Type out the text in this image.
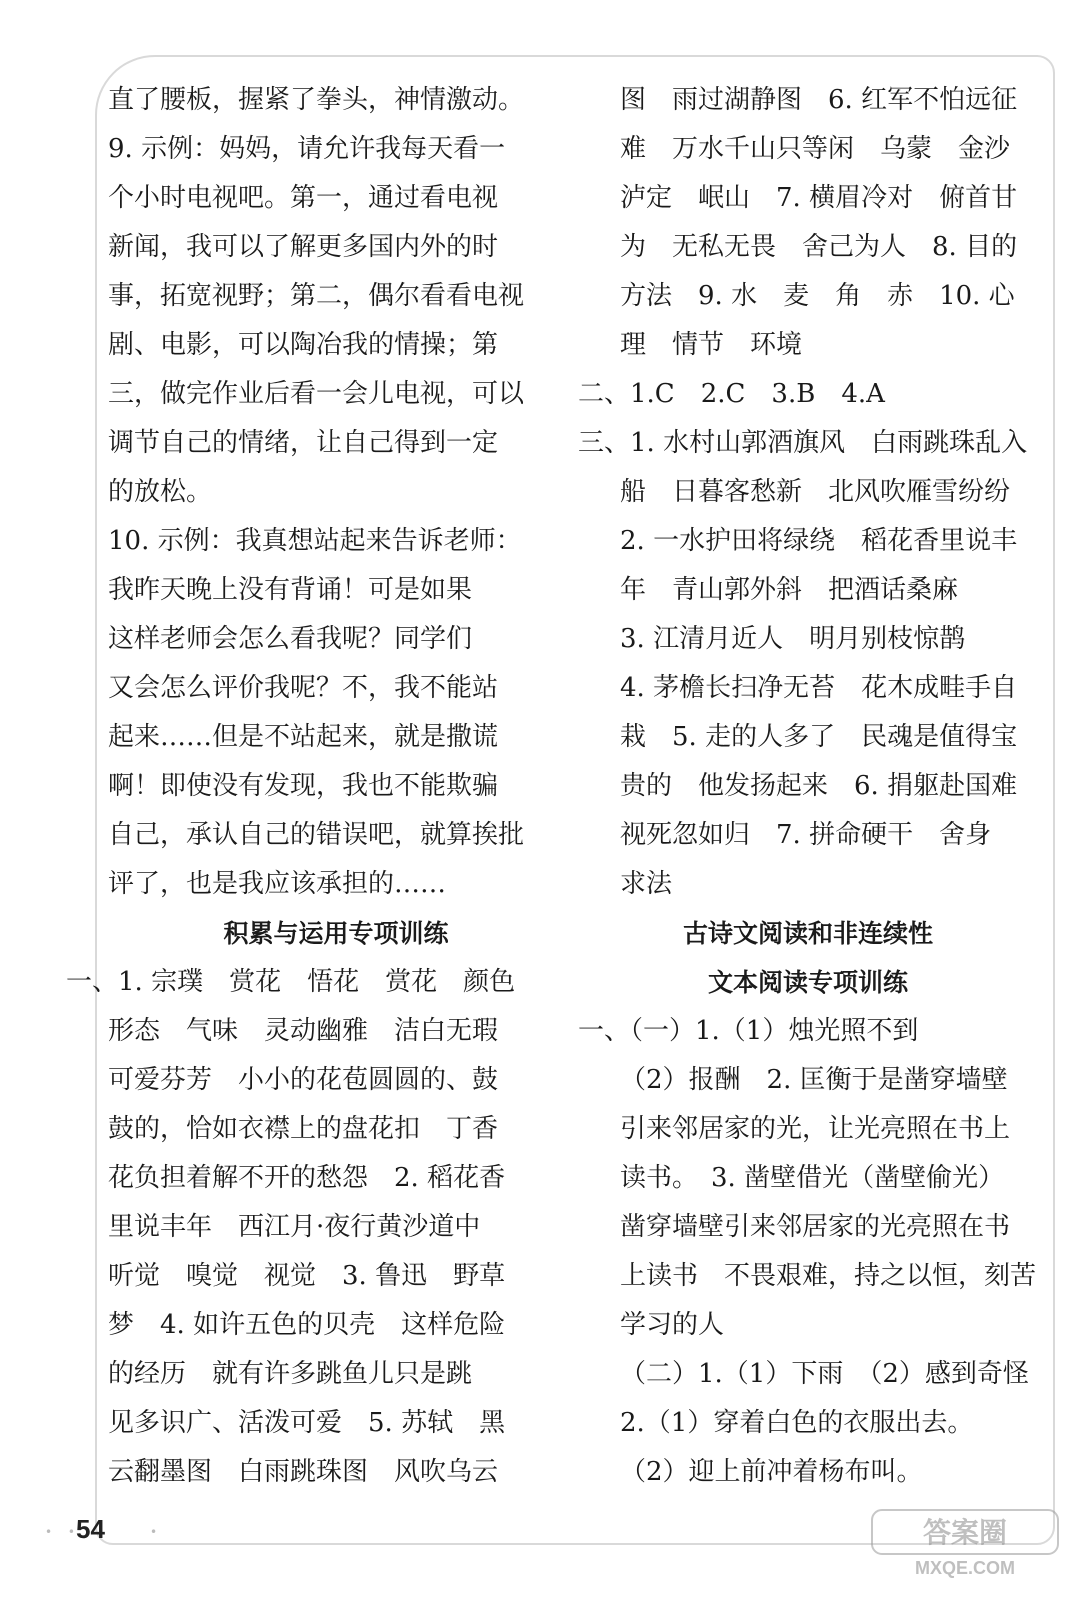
直了腰板，握紧了拳头，神情激动。
9. 示例：妈妈，请允许我每天看一
个小时电视吧。第一，通过看电视
新闻，我可以了解更多国内外的时
事，拓宽视野；第二，偶尔看看电视
剧、电影，可以陶冶我的情操；第
三，做完作业后看一会儿电视，可以
调节自己的情绪，让自己得到一定
的放松。
10. 示例：我真想站起来告诉老师：
我昨天晚上没有背诵！可是如果
这样老师会怎么看我呢？同学们
又会怎么评价我呢？不，我不能站
起来……但是不站起来，就是撒谎
啊！即使没有发现，我也不能欺骗
自己，承认自己的错误吧，就算挨批
评了，也是我应该承担的……
积累与运用专项训练
一、1. 宗璞　赏花　悟花　赏花　颜色
形态　气味　灵动幽雅　洁白无瑕
可爱芬芳　小小的花苞圆圆的、鼓
鼓的，恰如衣襟上的盘花扣　丁香
花负担着解不开的愁怨　2. 稻花香
里说丰年　西江月·夜行黄沙道中
听觉　嗅觉　视觉　3. 鲁迅　野草
梦　4. 如许五色的贝壳　这样危险
的经历　就有许多跳鱼儿只是跳
见多识广、活泼可爱　5. 苏轼　黑
云翻墨图　白雨跳珠图　风吹乌云
图　雨过湖静图　6. 红军不怕远征
难　万水千山只等闲　乌蒙　金沙
泸定　岷山　7. 横眉冷对　俯首甘
为　无私无畏　舍己为人　8. 目的
方法　9. 水　麦　角　赤　10. 心
理　情节　环境
二、1.C　2.C　3.B　4.A
三、1. 水村山郭酒旗风　白雨跳珠乱入
船　日暮客愁新　北风吹雁雪纷纷
2. 一水护田将绿绕　稻花香里说丰
年　青山郭外斜　把酒话桑麻
3. 江清月近人　明月别枝惊鹊
4. 茅檐长扫净无苔　花木成畦手自
栽　5. 走的人多了　民魂是值得宝
贵的　他发扬起来　6. 捐躯赴国难
视死忽如归　7. 拼命硬干　舍身
求法
古诗文阅读和非连续性
文本阅读专项训练
一、（一）1.（1）烛光照不到
（2）报酬　2. 匡衡于是凿穿墙壁
引来邻居家的光，让光亮照在书上
读书。　3. 凿壁借光（凿壁偷光）
凿穿墙壁引来邻居家的光亮照在书
上读书　不畏艰难，持之以恒，刻苦
学习的人
（二）1.（1）下雨　（2）感到奇怪
2.（1）穿着白色的衣服出去。
（2）迎上前冲着杨布叫。
• •
54	•	答案圈
MXQE.COM
